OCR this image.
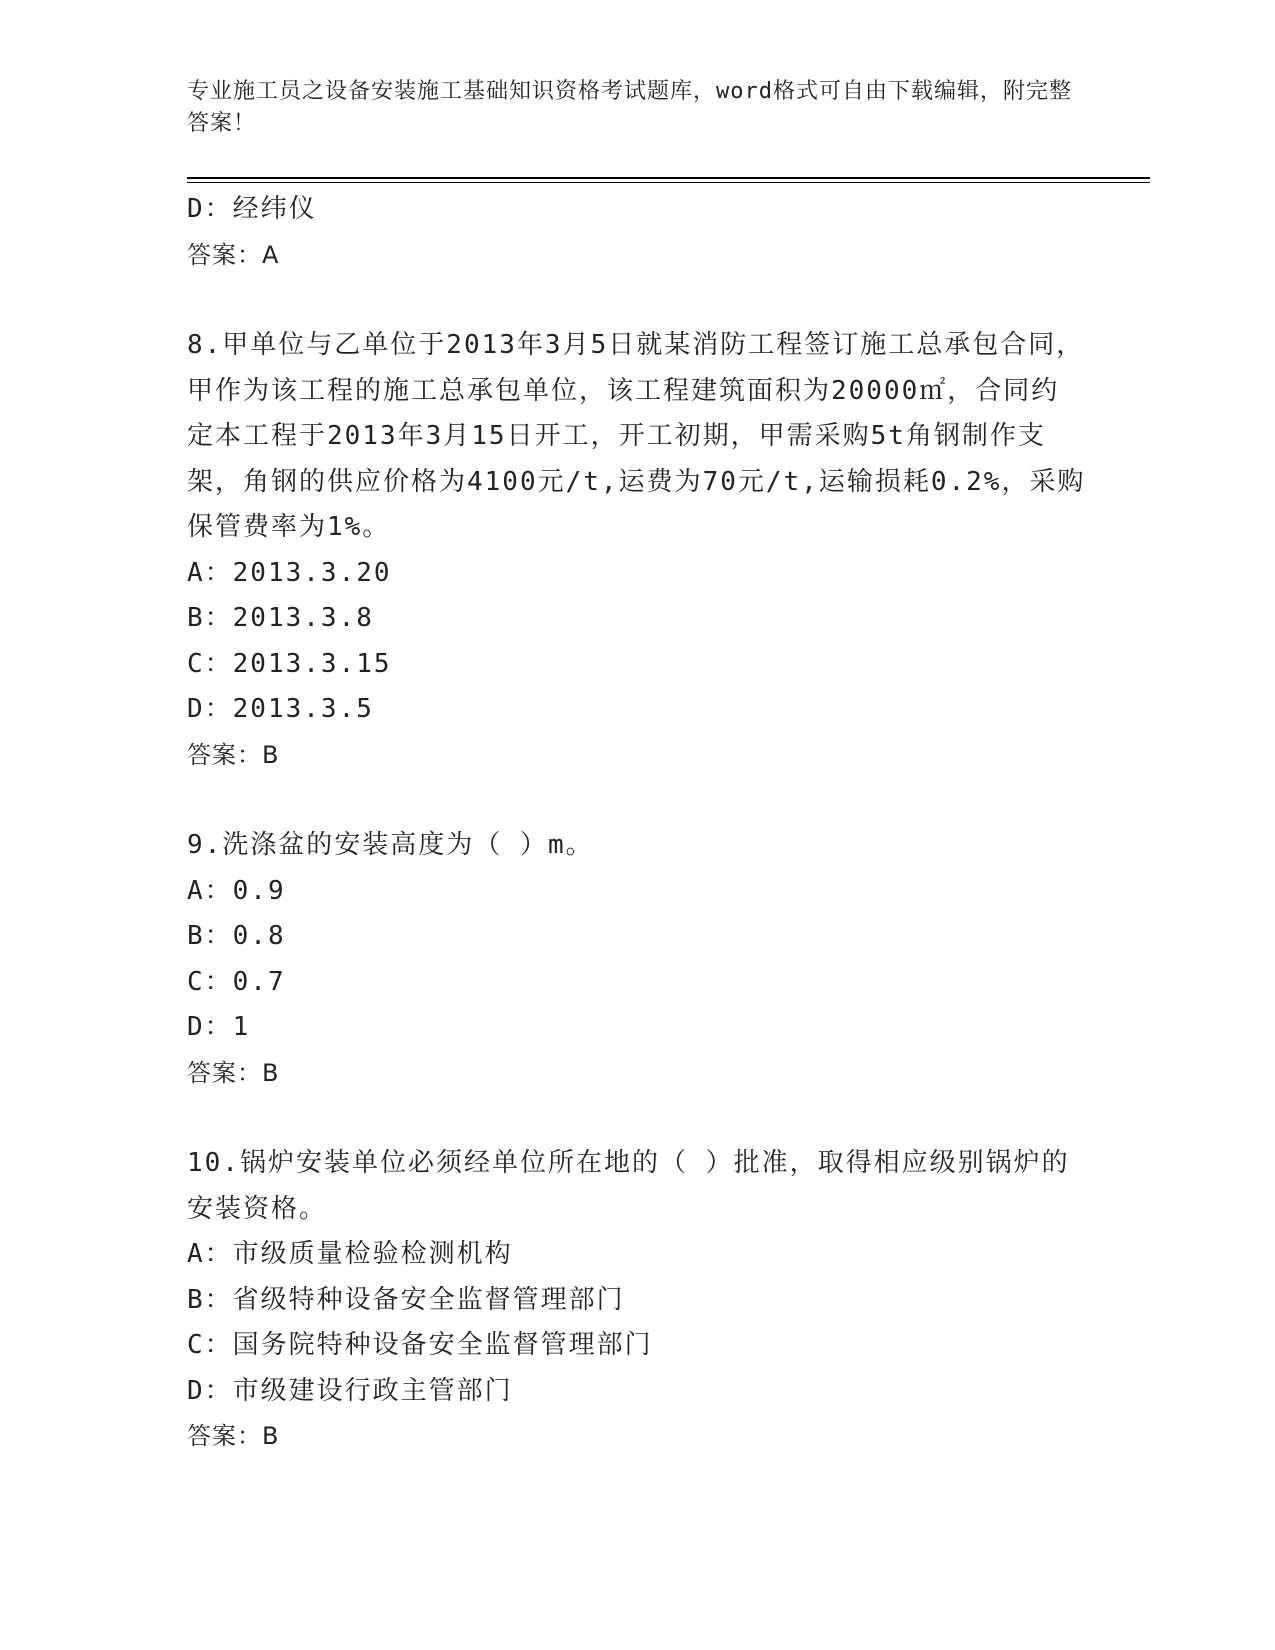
专业施工员之设备安装施工基础知识资格考试题库，word格式可自由下载编辑，附完整答案！
D：经纬仪
答案：A
8.甲单位与乙单位于2013年3月5日就某消防工程签订施工总承包合同，甲作为该工程的施工总承包单位，该工程建筑面积为20000㎡，合同约定本工程于2013年3月15日开工，开工初期，甲需采购5t角钢制作支架，角钢的供应价格为4100元/t,运费为70元/t,运输损耗0.2%，采购保管费率为1%。
A：2013.3.20
B：2013.3.8
C：2013.3.15
D：2013.3.5
答案：B
9.洗涤盆的安装高度为（ ）m。
A：0.9
B：0.8
C：0.7
D：1
答案：B
10.锅炉安装单位必须经单位所在地的（ ）批准，取得相应级别锅炉的安装资格。
A：市级质量检验检测机构
B：省级特种设备安全监督管理部门
C：国务院特种设备安全监督管理部门
D：市级建设行政主管部门
答案：B
